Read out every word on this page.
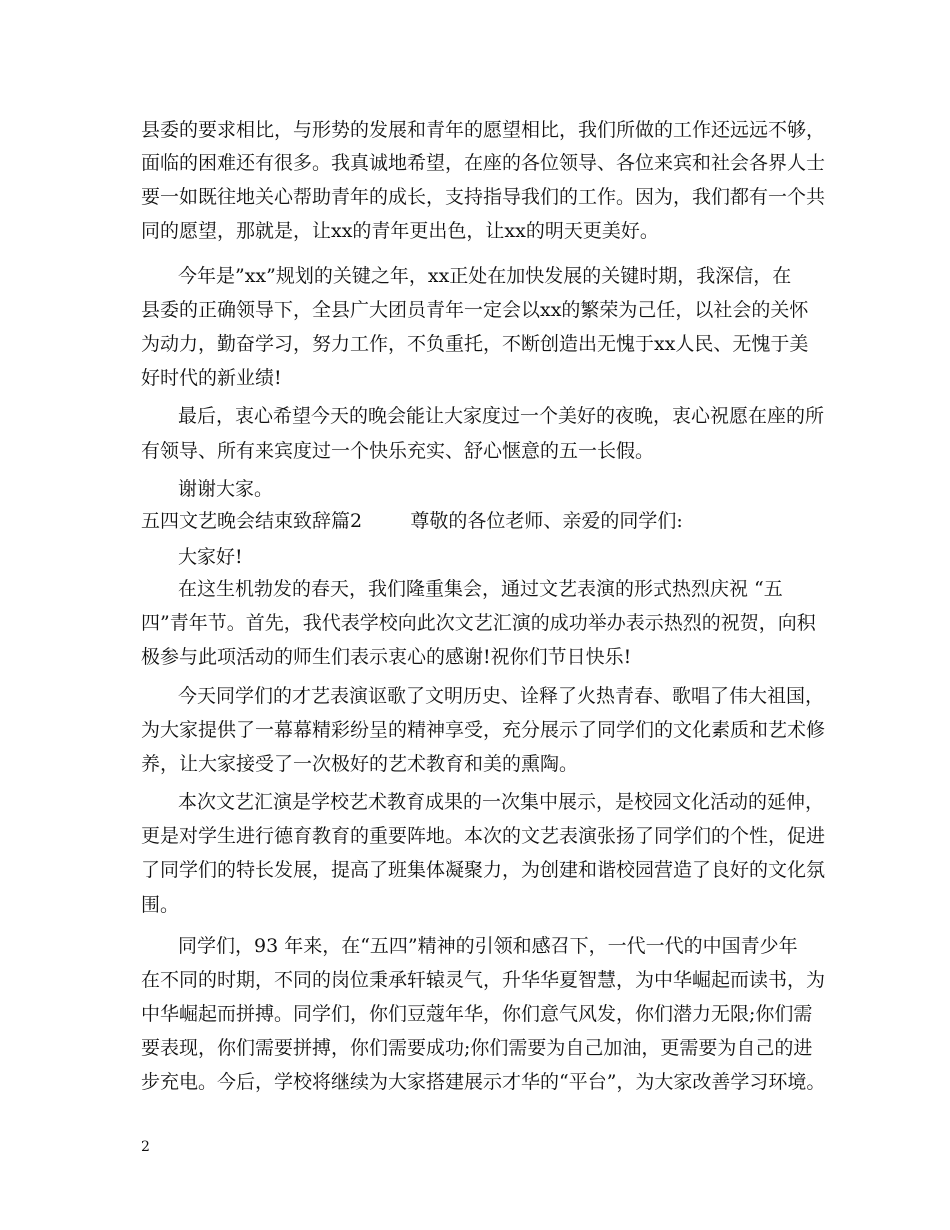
县委的要求相比，与形势的发展和青年的愿望相比，我们所做的工作还远远不够，
面临的困难还有很多。我真诚地希望，在座的各位领导、各位来宾和社会各界人士
要一如既往地关心帮助青年的成长，支持指导我们的工作。因为，我们都有一个共
同的愿望，那就是，让xx的青年更出色，让xx的明天更美好。
今年是”xx”规划的关键之年，xx正处在加快发展的关键时期，我深信，在
县委的正确领导下，全县广大团员青年一定会以xx的繁荣为己任，以社会的关怀
为动力，勤奋学习，努力工作，不负重托，不断创造出无愧于xx人民、无愧于美
好时代的新业绩!
最后，衷心希望今天的晚会能让大家度过一个美好的夜晚，衷心祝愿在座的所
有领导、所有来宾度过一个快乐充实、舒心惬意的五一长假。
谢谢大家。
五四文艺晚会结束致辞篇2        尊敬的各位老师、亲爱的同学们:
大家好!
在这生机勃发的春天，我们隆重集会，通过文艺表演的形式热烈庆祝 “五
四”青年节。首先，我代表学校向此次文艺汇演的成功举办表示热烈的祝贺，向积
极参与此项活动的师生们表示衷心的感谢!祝你们节日快乐!
今天同学们的才艺表演讴歌了文明历史、诠释了火热青春、歌唱了伟大祖国，
为大家提供了一幕幕精彩纷呈的精神享受，充分展示了同学们的文化素质和艺术修
养，让大家接受了一次极好的艺术教育和美的熏陶。
本次文艺汇演是学校艺术教育成果的一次集中展示，是校园文化活动的延伸，
更是对学生进行德育教育的重要阵地。本次的文艺表演张扬了同学们的个性，促进
了同学们的特长发展，提高了班集体凝聚力，为创建和谐校园营造了良好的文化氛
围。
同学们，93 年来，在“五四”精神的引领和感召下，一代一代的中国青少年
在不同的时期，不同的岗位秉承轩辕灵气，升华华夏智慧，为中华崛起而读书，为
中华崛起而拼搏。同学们，你们豆蔻年华，你们意气风发，你们潜力无限;你们需
要表现，你们需要拼搏，你们需要成功;你们需要为自己加油，更需要为自己的进
步充电。今后，学校将继续为大家搭建展示才华的“平台”，为大家改善学习环境。
2
